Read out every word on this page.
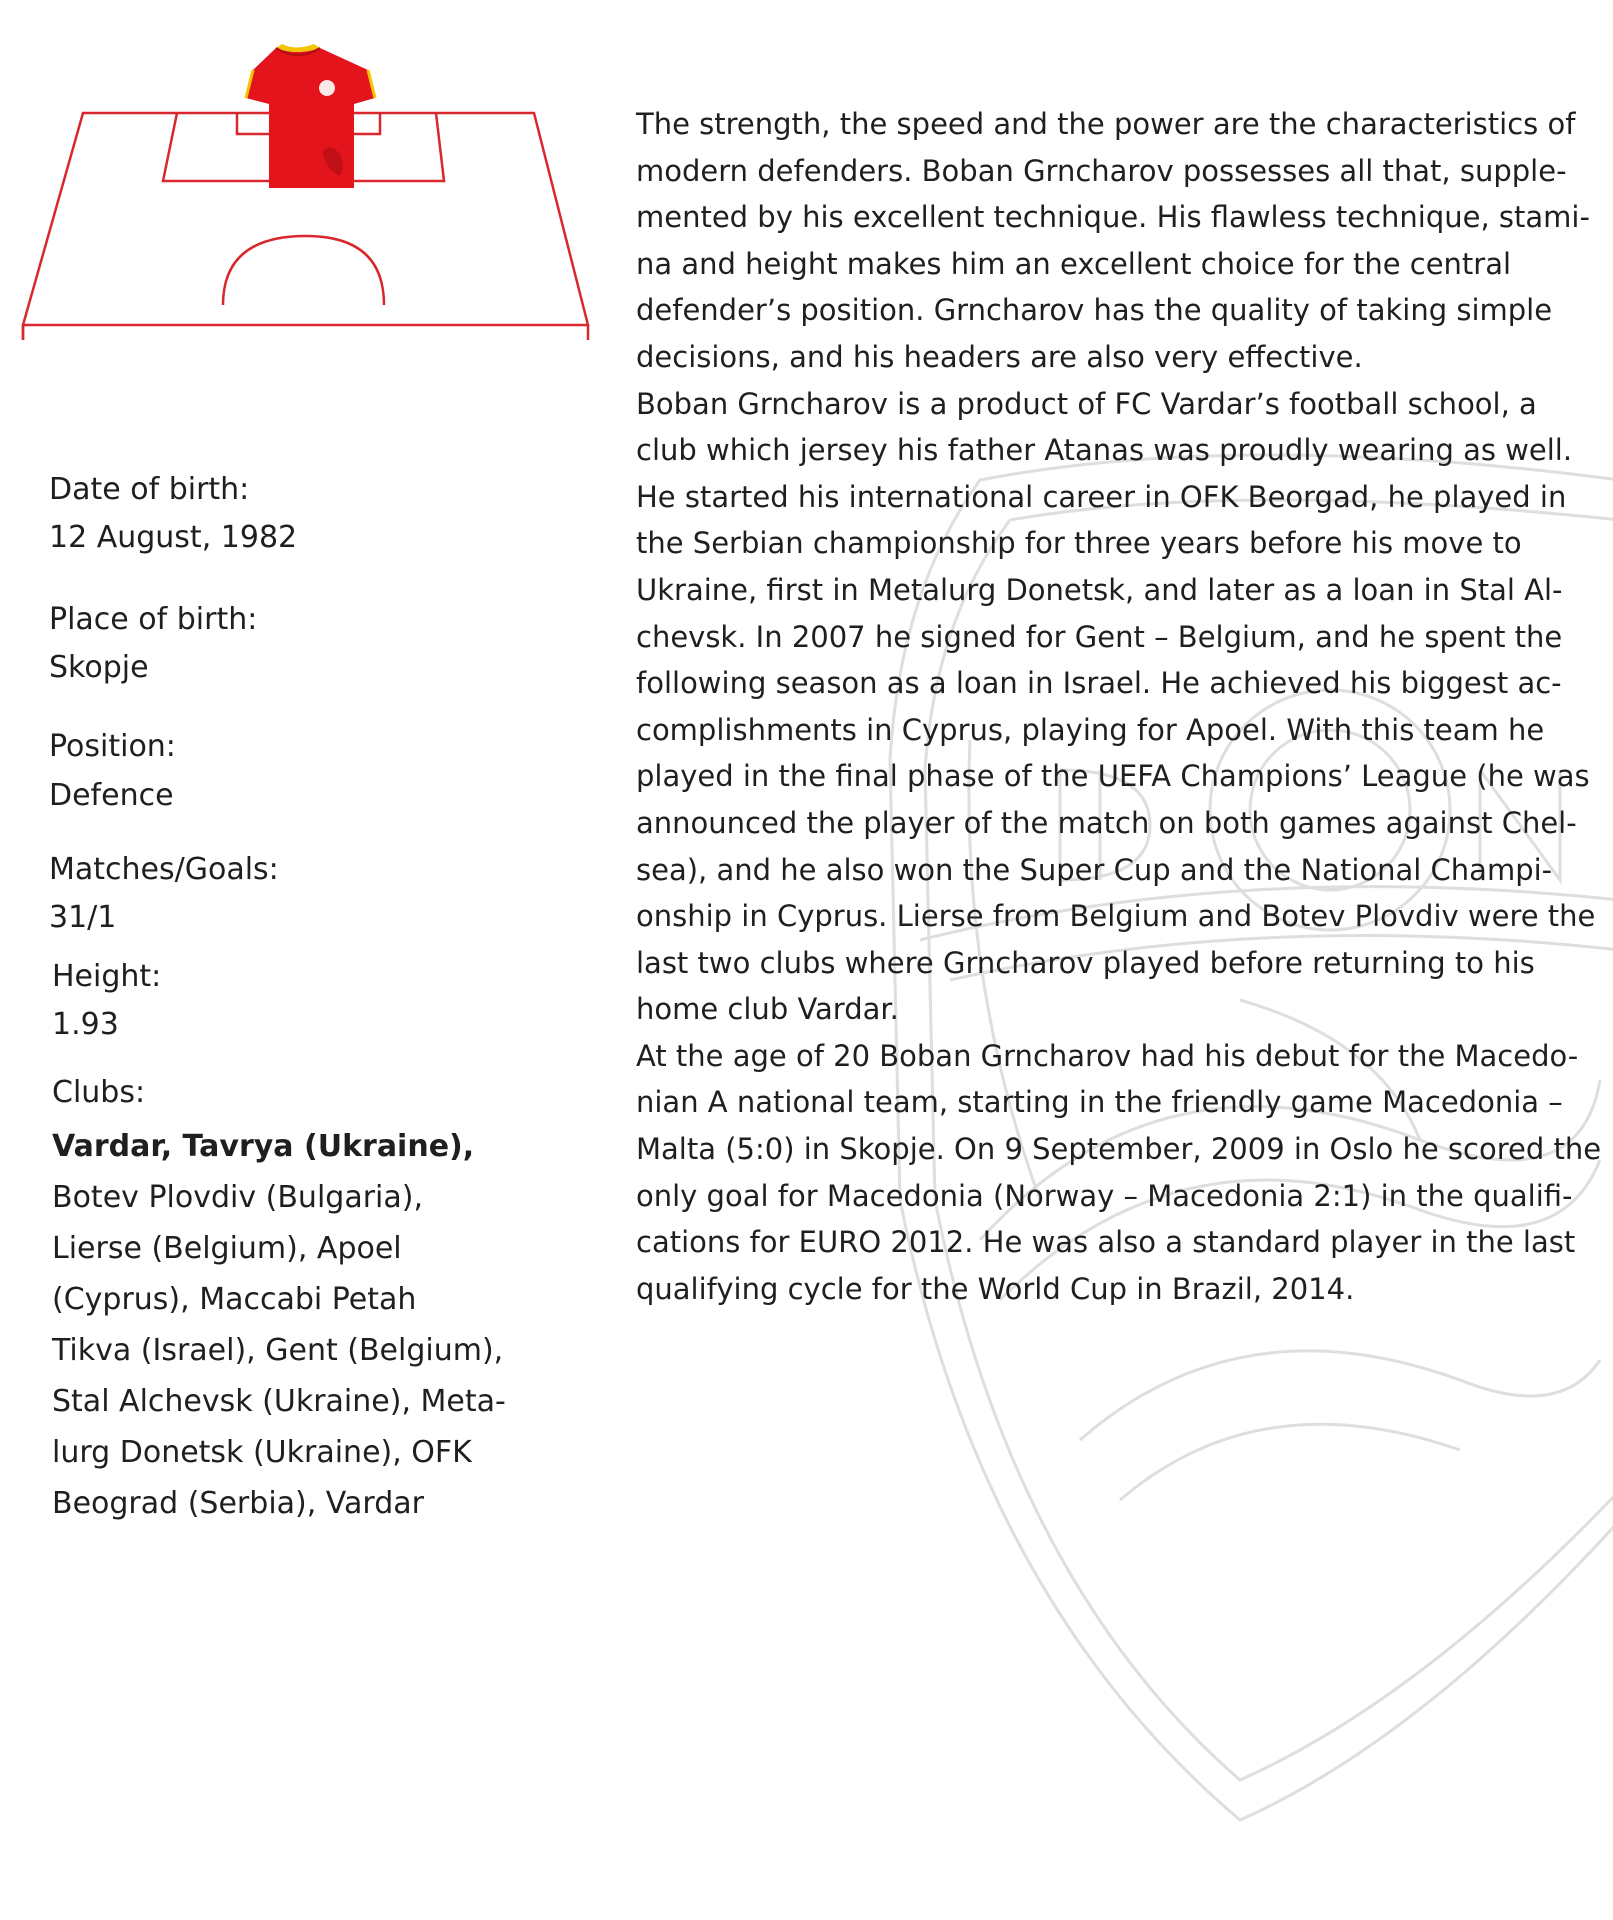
Date of birth:

12 August, 1982

Place of birth:

Skopje

Position:

Defence

Matches/Goals:

31/1

Height:

1.93

Clubs:

Vardar, Tavrya (Ukraine),
Botev Plovdiv (Bulgaria),
Lierse (Belgium), Apoel
(Cyprus), Maccabi Petah
Tikva (Israel), Gent (Belgium),
Stal Alchevsk (Ukraine), Meta-
lurg Donetsk (Ukraine), OFK
Beograd (Serbia), Vardar

The strength, the speed and the power are the characteristics of

modern defenders. Boban Grncharov possesses all that, supple-

mented by his excellent technique. His flawless technique, stami-

na and height makes him an excellent choice for the central

defender’s position. Grncharov has the quality of taking simple

decisions, and his headers are also very effective.

Boban Grncharov is a product of FC Vardar’s football school, a

club which jersey his father Atanas was proudly wearing as well.

He started his international career in OFK Beorgad, he played in

the Serbian championship for three years before his move to

Ukraine, first in Metalurg Donetsk, and later as a loan in Stal Al-

chevsk. In 2007 he signed for Gent – Belgium, and he spent the

following season as a loan in Israel. He achieved his biggest ac-

complishments in Cyprus, playing for Apoel. With this team he

played in the final phase of the UEFA Champions’ League (he was

announced the player of the match on both games against Chel-

sea), and he also won the Super Cup and the National Champi-

onship in Cyprus. Lierse from Belgium and Botev Plovdiv were the

last two clubs where Grncharov played before returning to his

home club Vardar.

At the age of 20 Boban Grncharov had his debut for the Macedo-

nian A national team, starting in the friendly game Macedonia –

Malta (5:0) in Skopje. On 9 September, 2009 in Oslo he scored the

only goal for Macedonia (Norway – Macedonia 2:1) in the qualifi-

cations for EURO 2012. He was also a standard player in the last

qualifying cycle for the World Cup in Brazil, 2014.
